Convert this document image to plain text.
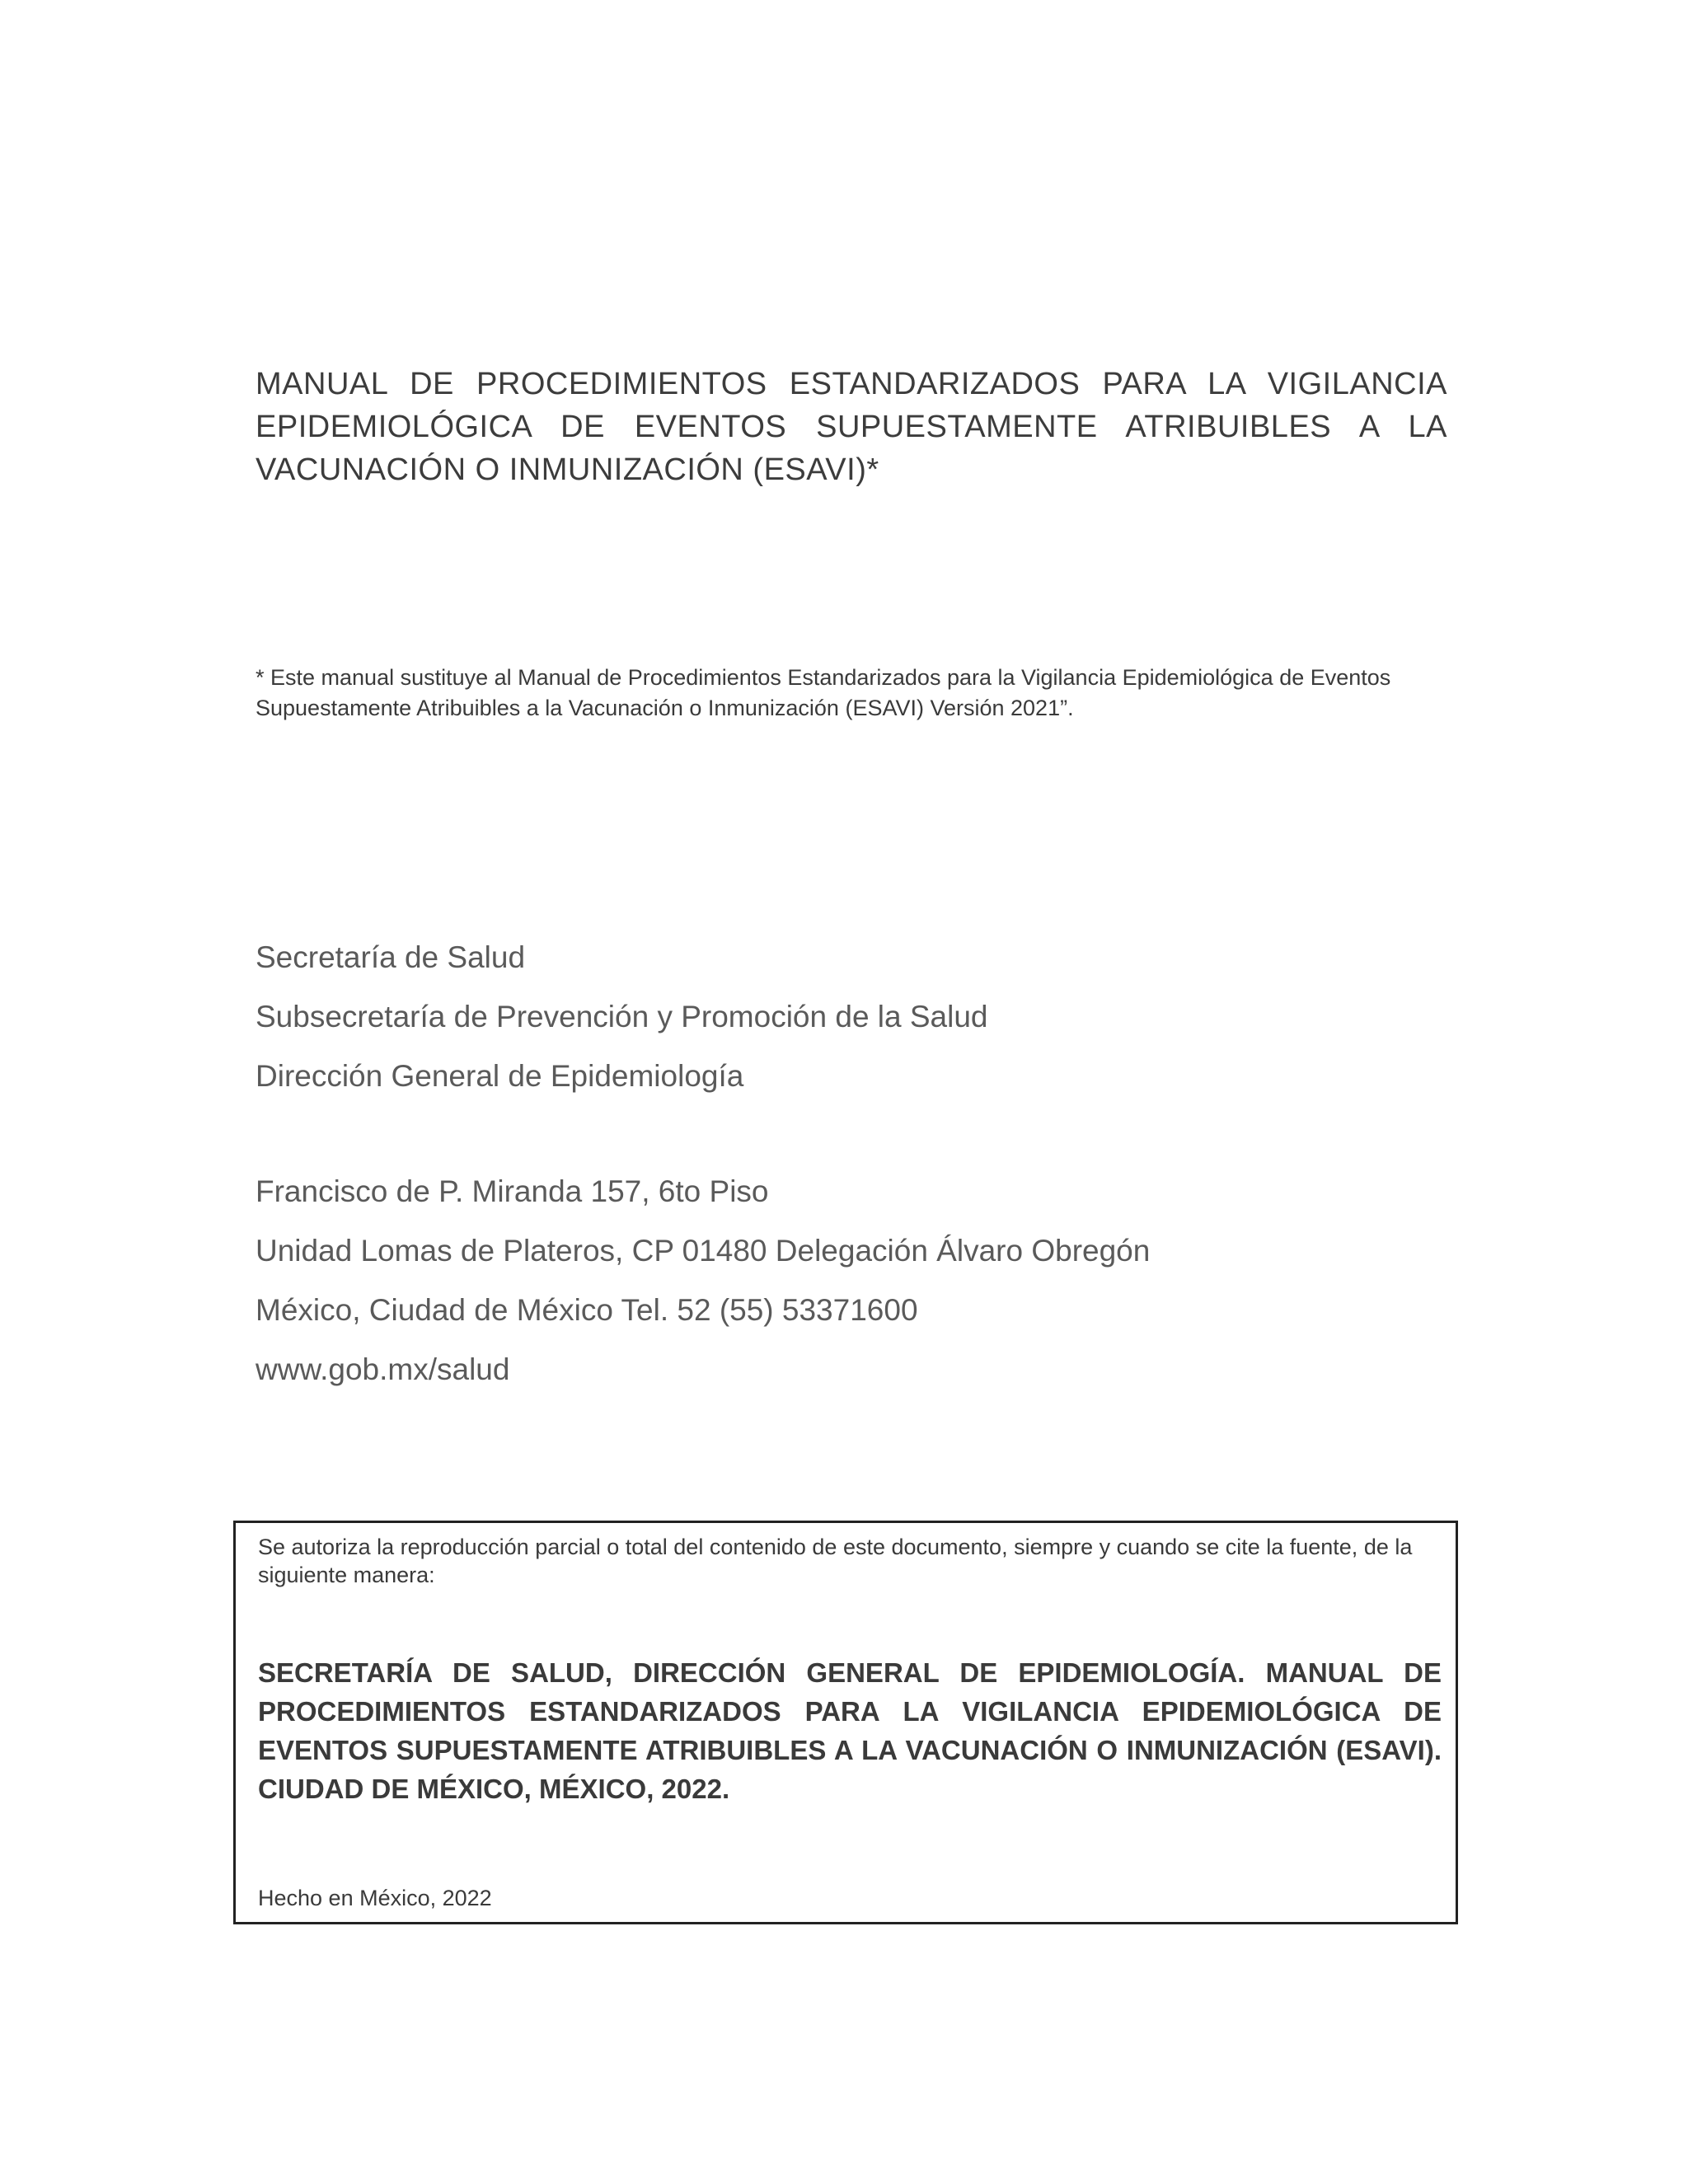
MANUAL DE PROCEDIMIENTOS ESTANDARIZADOS PARA LA VIGILANCIA EPIDEMIOLÓGICA DE EVENTOS SUPUESTAMENTE ATRIBUIBLES A LA VACUNACIÓN O INMUNIZACIÓN (ESAVI)*
* Este manual sustituye al Manual de Procedimientos Estandarizados para la Vigilancia Epidemiológica de Eventos Supuestamente Atribuibles a la Vacunación o Inmunización (ESAVI) Versión 2021”.
Secretaría de Salud
Subsecretaría de Prevención y Promoción de la Salud
Dirección General de Epidemiología
Francisco de P. Miranda 157, 6to Piso
Unidad Lomas de Plateros, CP 01480 Delegación Álvaro Obregón
México, Ciudad de México Tel. 52 (55) 53371600
www.gob.mx/salud
Se autoriza la reproducción parcial o total del contenido de este documento, siempre y cuando se cite la fuente, de la siguiente manera:
SECRETARÍA DE SALUD, DIRECCIÓN GENERAL DE EPIDEMIOLOGÍA. MANUAL DE PROCEDIMIENTOS ESTANDARIZADOS PARA LA VIGILANCIA EPIDEMIOLÓGICA DE EVENTOS SUPUESTAMENTE ATRIBUIBLES A LA VACUNACIÓN O INMUNIZACIÓN (ESAVI). CIUDAD DE MÉXICO, MÉXICO, 2022.
Hecho en México, 2022
